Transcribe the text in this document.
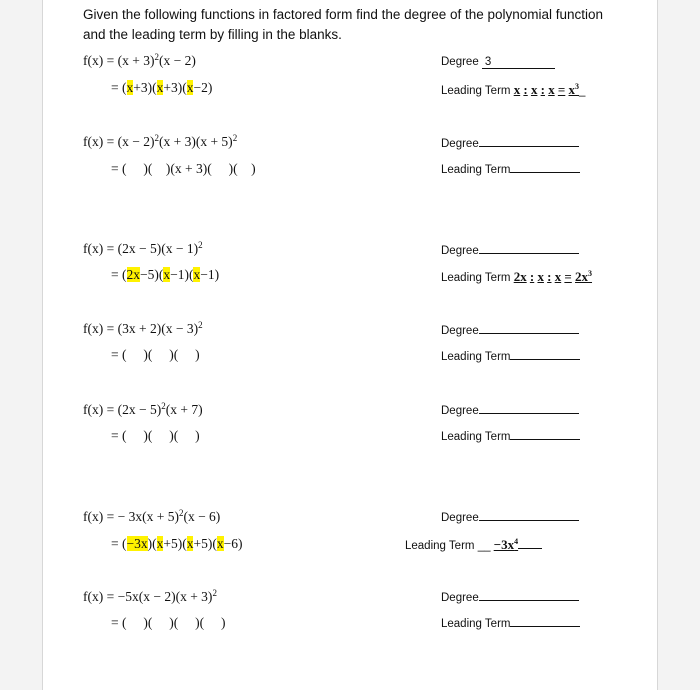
Given the following functions in factored form find the degree of the polynomial function and the leading term by filling in the blanks.
$f(x) = (x + 3)^2(x - 2)$
= (x+3)(x+3)(x−2)
Degree 3
Leading Term x : x : $x = x^3\_$
$f(x) = (x - 2)^2(x + 3)(x + 5)^2$
= ( )( )(x + 3)( )( )
Degree
Leading Term
$f(x) = (2x - 5)(x - 1)^2$
= (2x−5)(x−1)(x−1)
Degree
Leading Term 2x : x : $x = 2x^3$
$f(x) = (3x + 2)(x - 3)^2$
= ( )( )( )
Degree
Leading Term
$f(x) = (2x - 5)^2(x + 7)$
= ( )( )( )
Degree
Leading Term
f(x) = − $3x(x + 5)^2(x - 6)$
= (−3x)(x+5)(x+5)(x−6)
Degree
Leading Term __ $-3x^4$
$f(x) = -5x(x - 2)(x + 3)^2$
= ( )( )( )( )
Degree
Leading Term
